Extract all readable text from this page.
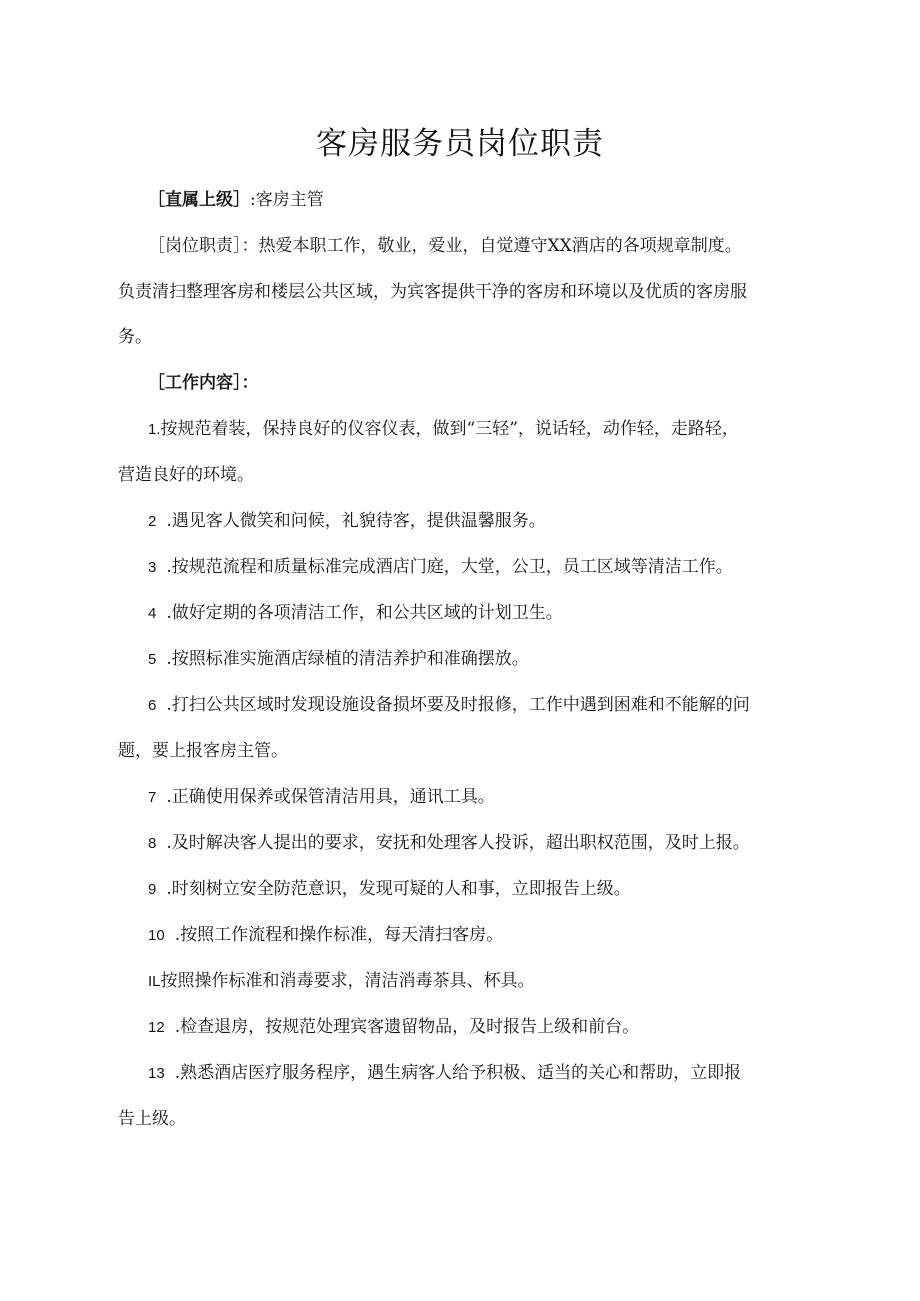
客房服务员岗位职责
［直属上级］:客房主管
［岗位职责］：热爱本职工作，敬业，爱业，自觉遵守XX酒店的各项规章制度。
负责清扫整理客房和楼层公共区域，为宾客提供干净的客房和环境以及优质的客房服
务。
［工作内容］：
1.按规范着装，保持良好的仪容仪表，做到“三轻”，说话轻，动作轻，走路轻，
营造良好的环境。
2 .遇见客人微笑和问候，礼貌待客，提供温馨服务。
3 .按规范流程和质量标准完成酒店门庭，大堂，公卫，员工区域等清洁工作。
4 .做好定期的各项清洁工作，和公共区域的计划卫生。
5 .按照标准实施酒店绿植的清洁养护和准确摆放。
6 .打扫公共区域时发现设施设备损坏要及时报修，工作中遇到困难和不能解的问
题，要上报客房主管。
7 .正确使用保养或保管清洁用具，通讯工具。
8 .及时解决客人提出的要求，安抚和处理客人投诉，超出职权范围，及时上报。
9 .时刻树立安全防范意识，发现可疑的人和事，立即报告上级。
10 .按照工作流程和操作标准，每天清扫客房。
IL按照操作标准和消毒要求，清洁消毒茶具、杯具。
12 .检查退房，按规范处理宾客遗留物品，及时报告上级和前台。
13 .熟悉酒店医疗服务程序，遇生病客人给予积极、适当的关心和帮助，立即报
告上级。
